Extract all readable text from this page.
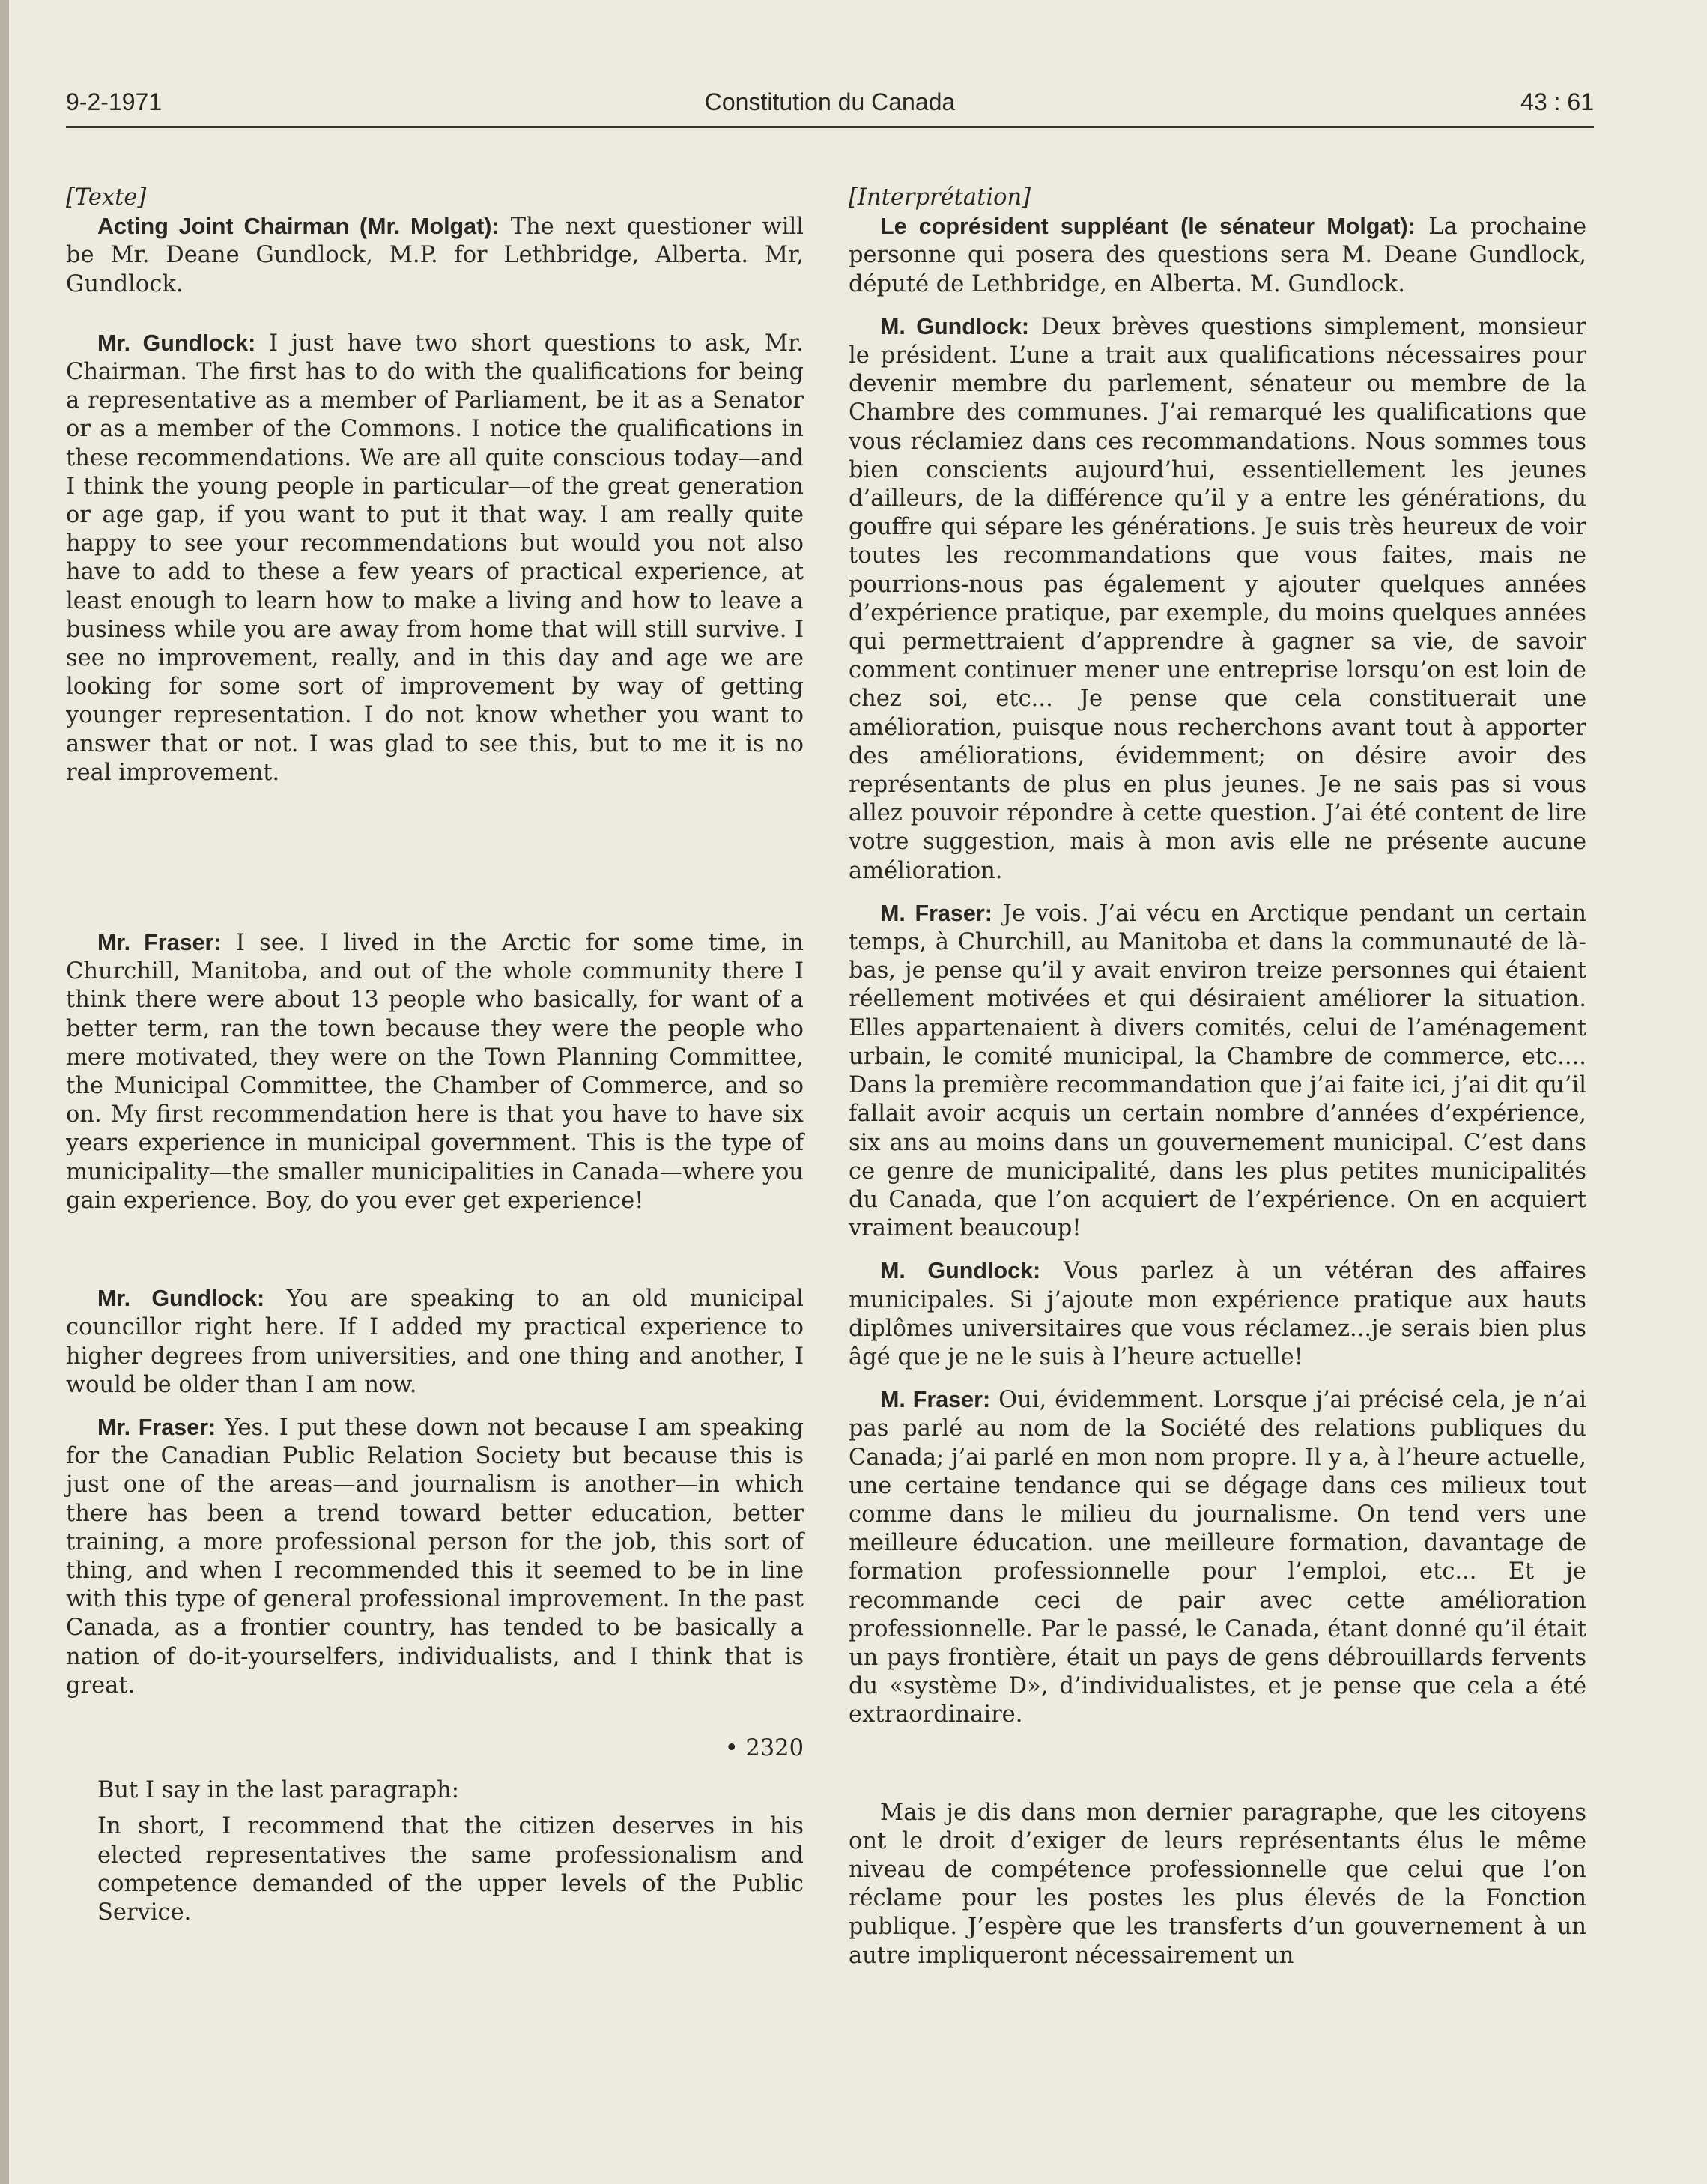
9-2-1971	Constitution du Canada	43 : 61

[Texte]

Acting Joint Chairman (Mr. Molgat): The next questioner will be Mr. Deane Gundlock, M.P. for Lethbridge, Alberta. Mr, Gundlock.

Mr. Gundlock: I just have two short questions to ask, Mr. Chairman. The first has to do with the qualifications for being a representative as a member of Parliament, be it as a Senator or as a member of the Commons. I notice the qualifications in these recommendations. We are all quite conscious today—and I think the young people in particular—of the great generation or age gap, if you want to put it that way. I am really quite happy to see your recommendations but would you not also have to add to these a few years of practical experience, at least enough to learn how to make a living and how to leave a business while you are away from home that will still survive. I see no improvement, really, and in this day and age we are looking for some sort of improvement by way of getting younger representation. I do not know whether you want to answer that or not. I was glad to see this, but to me it is no real improvement.

Mr. Fraser: I see. I lived in the Arctic for some time, in Churchill, Manitoba, and out of the whole community there I think there were about 13 people who basically, for want of a better term, ran the town because they were the people who mere motivated, they were on the Town Planning Committee, the Municipal Committee, the Chamber of Commerce, and so on. My first recommendation here is that you have to have six years experience in municipal government. This is the type of municipality—the smaller municipalities in Canada—where you gain experience. Boy, do you ever get experience!

Mr. Gundlock: You are speaking to an old municipal councillor right here. If I added my practical experience to higher degrees from universities, and one thing and another, I would be older than I am now.

Mr. Fraser: Yes. I put these down not because I am speaking for the Canadian Public Relation Society but because this is just one of the areas—and journalism is another—in which there has been a trend toward better education, better training, a more professional person for the job, this sort of thing, and when I recommended this it seemed to be in line with this type of general professional improvement. In the past Canada, as a frontier country, has tended to be basically a nation of do-it-yourselfers, individualists, and I think that is great.

• 2320

But I say in the last paragraph:

In short, I recommend that the citizen deserves in his elected representatives the same professionalism and competence demanded of the upper levels of the Public Service.

[Interprétation]

Le coprésident suppléant (le sénateur Molgat): La prochaine personne qui posera des questions sera M. Deane Gundlock, député de Lethbridge, en Alberta. M. Gundlock.

M. Gundlock: Deux brèves questions simplement, monsieur le président. L’une a trait aux qualifications nécessaires pour devenir membre du parlement, sénateur ou membre de la Chambre des communes. J’ai remarqué les qualifications que vous réclamiez dans ces recommandations. Nous sommes tous bien conscients aujourd’hui, essentiellement les jeunes d’ailleurs, de la différence qu’il y a entre les générations, du gouffre qui sépare les générations. Je suis très heureux de voir toutes les recommandations que vous faites, mais ne pourrions-nous pas également y ajouter quelques années d’expérience pratique, par exemple, du moins quelques années qui permettraient d’apprendre à gagner sa vie, de savoir comment continuer mener une entreprise lorsqu’on est loin de chez soi, etc... Je pense que cela constituerait une amélioration, puisque nous recherchons avant tout à apporter des améliorations, évidemment; on désire avoir des représentants de plus en plus jeunes. Je ne sais pas si vous allez pouvoir répondre à cette question. J’ai été content de lire votre suggestion, mais à mon avis elle ne présente aucune amélioration.

M. Fraser: Je vois. J’ai vécu en Arctique pendant un certain temps, à Churchill, au Manitoba et dans la communauté de là-bas, je pense qu’il y avait environ treize personnes qui étaient réellement motivées et qui désiraient améliorer la situation. Elles appartenaient à divers comités, celui de l’aménagement urbain, le comité municipal, la Chambre de commerce, etc.... Dans la première recommandation que j’ai faite ici, j’ai dit qu’il fallait avoir acquis un certain nombre d’années d’expérience, six ans au moins dans un gouvernement municipal. C’est dans ce genre de municipalité, dans les plus petites municipalités du Canada, que l’on acquiert de l’expérience. On en acquiert vraiment beaucoup!

M. Gundlock: Vous parlez à un vétéran des affaires municipales. Si j’ajoute mon expérience pratique aux hauts diplômes universitaires que vous réclamez...je serais bien plus âgé que je ne le suis à l’heure actuelle!

M. Fraser: Oui, évidemment. Lorsque j’ai précisé cela, je n’ai pas parlé au nom de la Société des relations publiques du Canada; j’ai parlé en mon nom propre. Il y a, à l’heure actuelle, une certaine tendance qui se dégage dans ces milieux tout comme dans le milieu du journalisme. On tend vers une meilleure éducation. une meilleure formation, davantage de formation professionnelle pour l’emploi, etc... Et je recommande ceci de pair avec cette amélioration professionnelle. Par le passé, le Canada, étant donné qu’il était un pays frontière, était un pays de gens débrouillards fervents du «système D», d’individualistes, et je pense que cela a été extraordinaire.

Mais je dis dans mon dernier paragraphe, que les citoyens ont le droit d’exiger de leurs représentants élus le même niveau de compétence professionnelle que celui que l’on réclame pour les postes les plus élevés de la Fonction publique. J’espère que les transferts d’un gouvernement à un autre impliqueront nécessairement un
